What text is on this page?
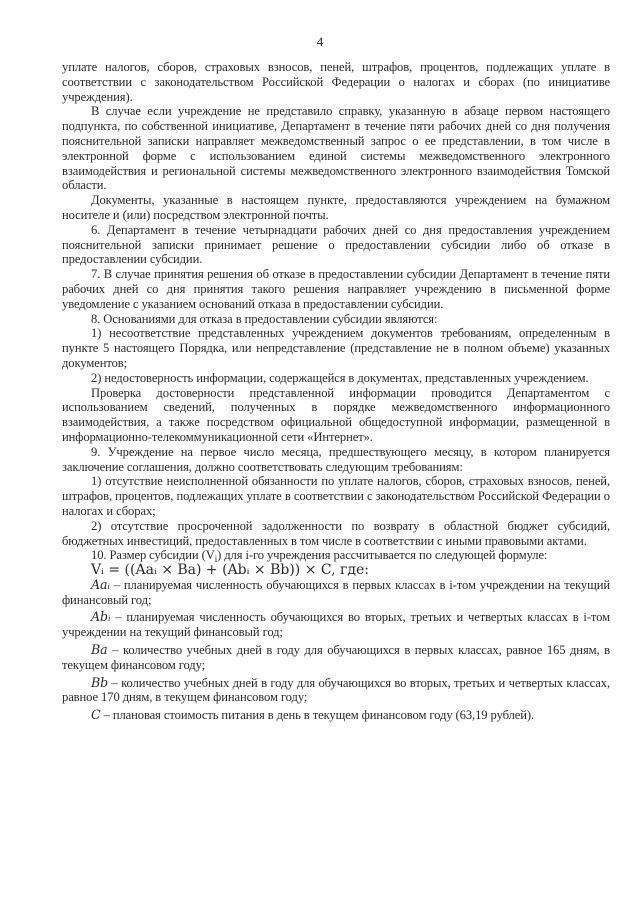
4

уплате налогов, сборов, страховых взносов, пеней, штрафов, процентов, подлежащих уплате в соответствии с законодательством Российской Федерации о налогах и сборах (по инициативе учреждения).

В случае если учреждение не представило справку, указанную в абзаце первом настоящего подпункта, по собственной инициативе, Департамент в течение пяти рабочих дней со дня получения пояснительной записки направляет межведомственный запрос о ее представлении, в том числе в электронной форме с использованием единой системы межведомственного электронного взаимодействия и региональной системы межведомственного электронного взаимодействия Томской области.

Документы, указанные в настоящем пункте, предоставляются учреждением на бумажном носителе и (или) посредством электронной почты.

6. Департамент в течение четырнадцати рабочих дней со дня предоставления учреждением пояснительной записки принимает решение о предоставлении субсидии либо об отказе в предоставлении субсидии.

7. В случае принятия решения об отказе в предоставлении субсидии Департамент в течение пяти рабочих дней со дня принятия такого решения направляет учреждению в письменной форме уведомление с указанием оснований отказа в предоставлении субсидии.

8. Основаниями для отказа в предоставлении субсидии являются:

1) несоответствие представленных учреждением документов требованиям, определенным в пункте 5 настоящего Порядка, или непредставление (представление не в полном объеме) указанных документов;

2) недостоверность информации, содержащейся в документах, представленных учреждением.

Проверка достоверности представленной информации проводится Департаментом с использованием сведений, полученных в порядке межведомственного информационного взаимодействия, а также посредством официальной общедоступной информации, размещенной в информационно-телекоммуникационной сети «Интернет».

9. Учреждение на первое число месяца, предшествующего месяцу, в котором планируется заключение соглашения, должно соответствовать следующим требованиям:

1) отсутствие неисполненной обязанности по уплате налогов, сборов, страховых взносов, пеней, штрафов, процентов, подлежащих уплате в соответствии с законодательством Российской Федерации о налогах и сборах;

2) отсутствие просроченной задолженности по возврату в областной бюджет субсидий, бюджетных инвестиций, предоставленных в том числе в соответствии с иными правовыми актами.

10. Размер субсидии $(V_i)$ для i-го учреждения рассчитывается по следующей формуле:

Vᵢ = ((Aaᵢ × Ba) + (Abᵢ × Bb)) × C, где:

Aaᵢ – планируемая численность обучающихся в первых классах в i-том учреждении на текущий финансовый год;

Abᵢ – планируемая численность обучающихся во вторых, третьих и четвертых классах в i-том учреждении на текущий финансовый год;

Ba – количество учебных дней в году для обучающихся в первых классах, равное 165 дням, в текущем финансовом году;

Bb – количество учебных дней в году для обучающихся во вторых, третьих и четвертых классах, равное 170 дням, в текущем финансовом году;

C – плановая стоимость питания в день в текущем финансовом году (63,19 рублей).
